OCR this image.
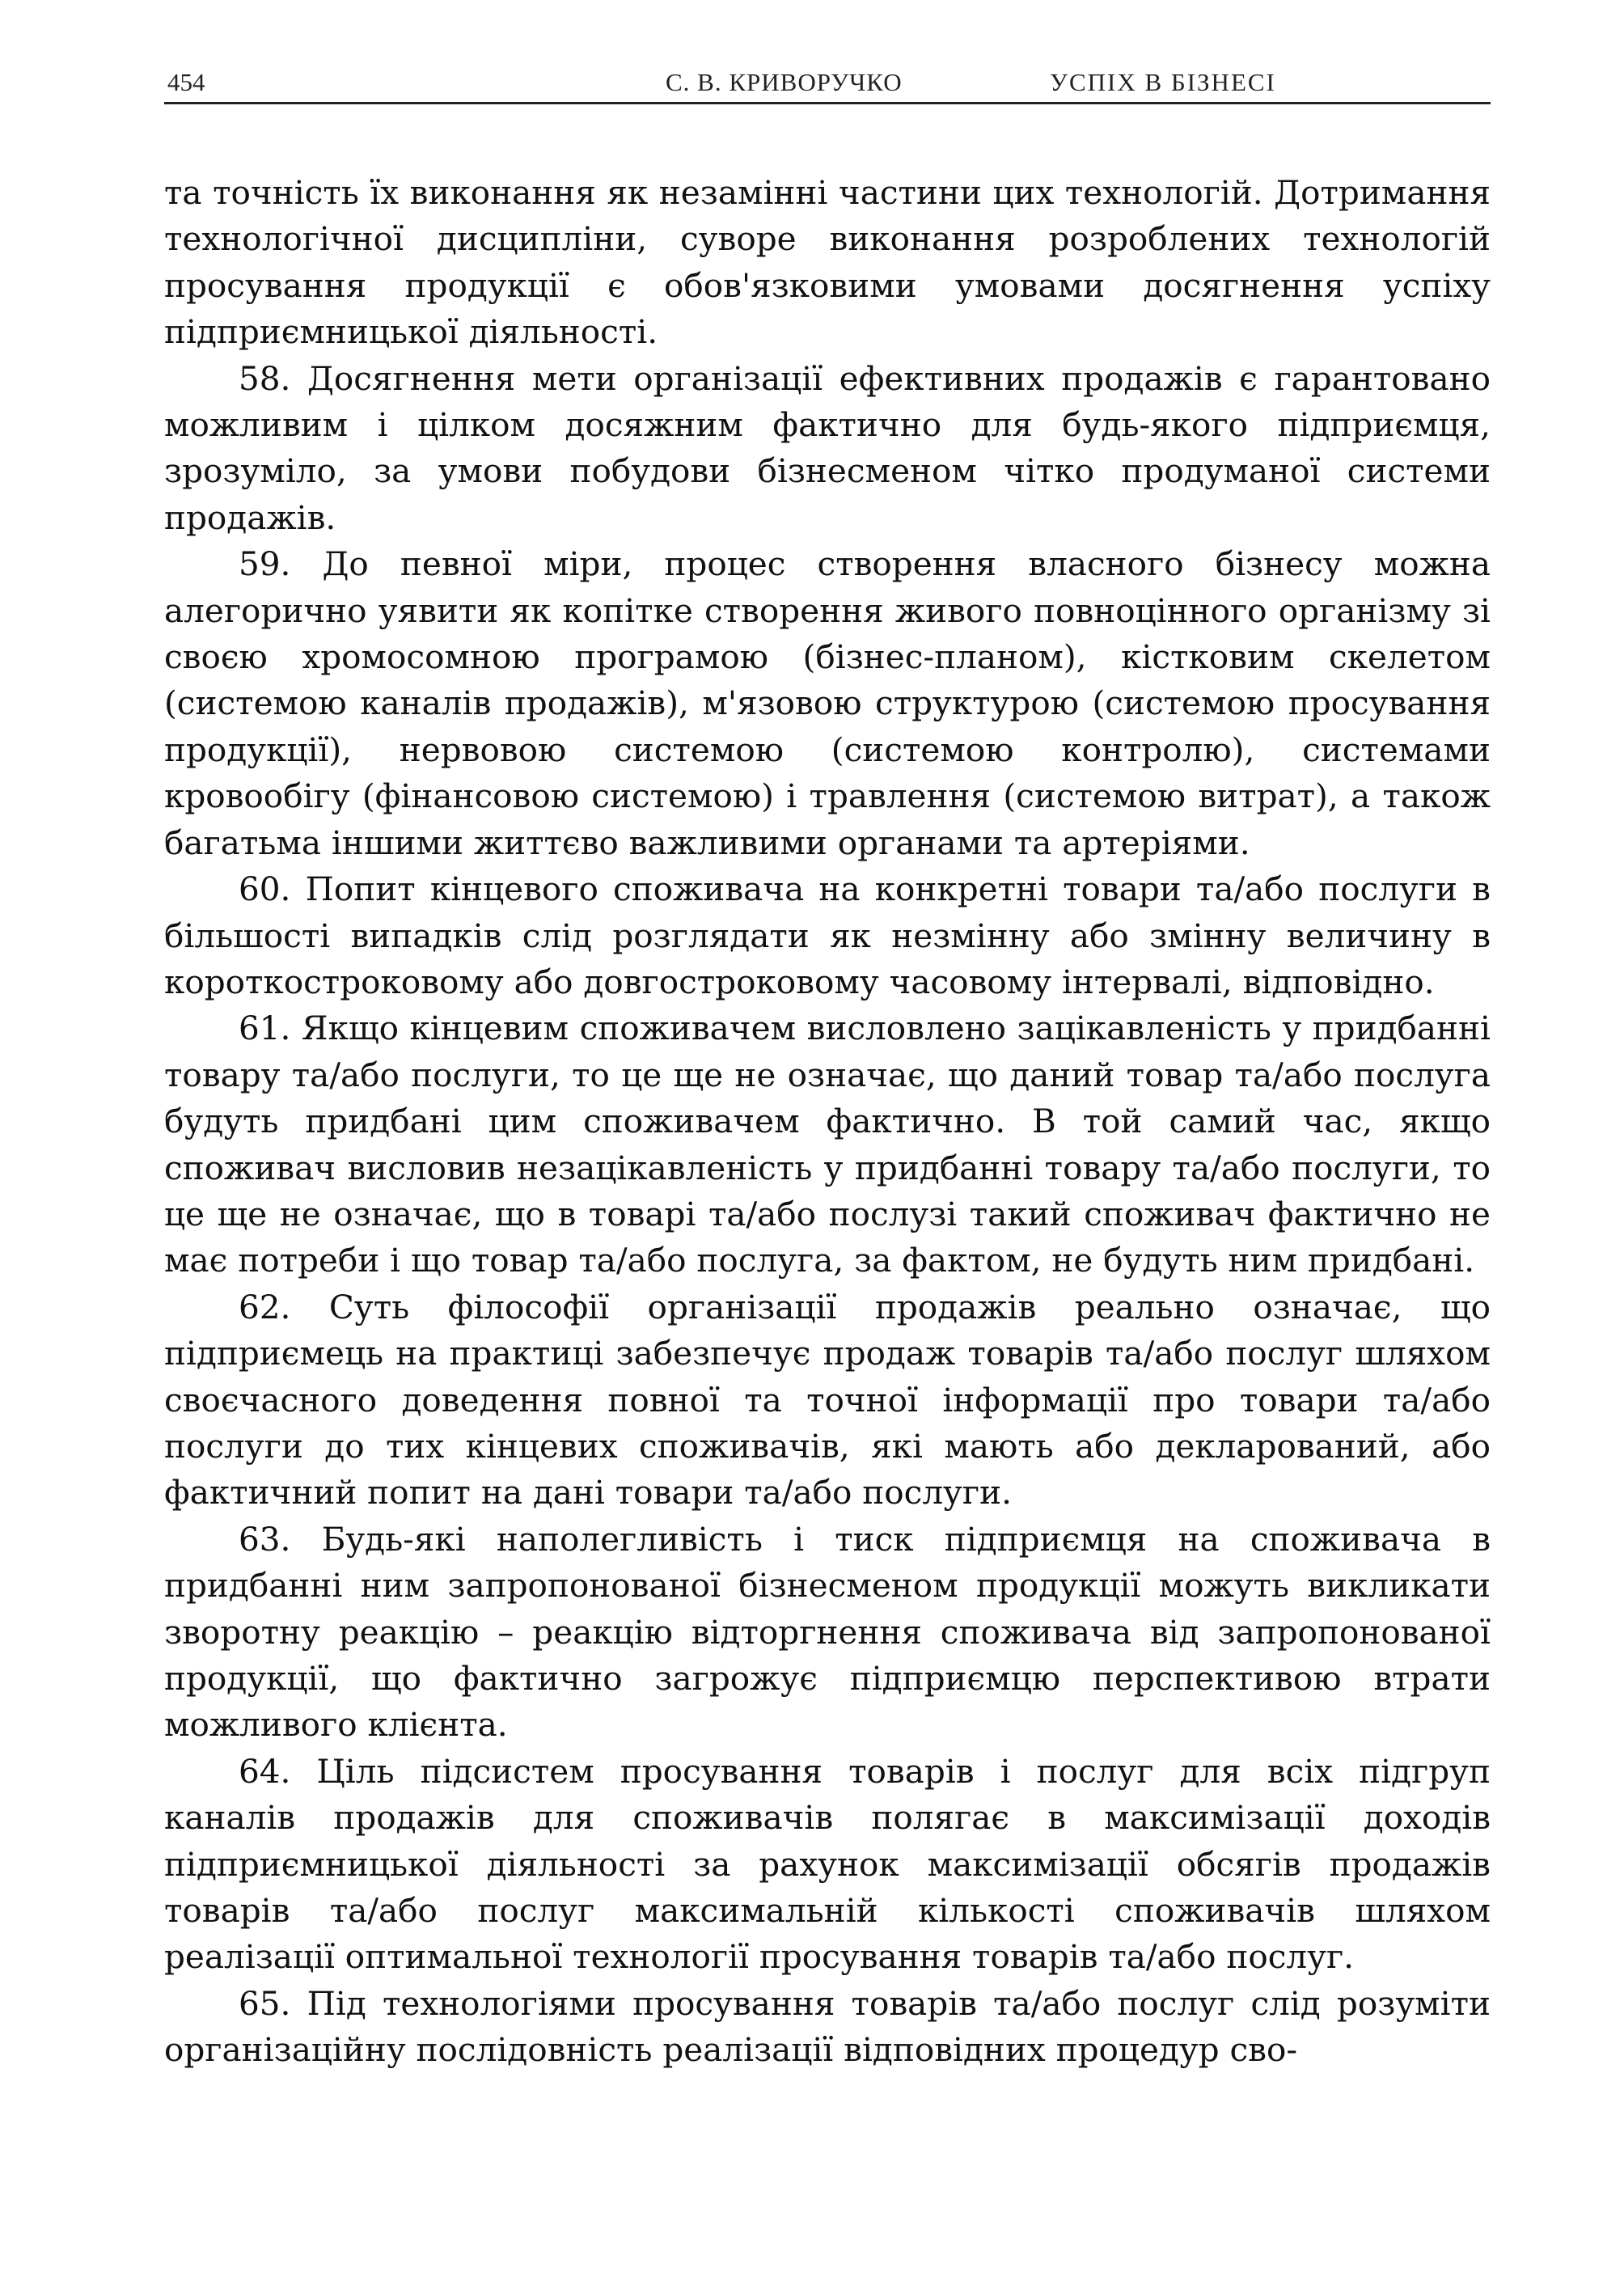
454	С. В. КРИВОРУЧКО	УСПІХ В БІЗНЕСІ

та точність їх виконання як незамінні частини цих технологій. Дотримання технологічної дисципліни, суворе виконання розроблених технологій просування продукції є обов'язковими умовами досягнення успіху підприємницької діяльності.

58. Досягнення мети організації ефективних продажів є гарантовано можливим і цілком досяжним фактично для будь-якого підприємця, зрозуміло, за умови побудови бізнесменом чітко продуманої системи продажів.

59. До певної міри, процес створення власного бізнесу можна алегорично уявити як копітке створення живого повноцінного організму зі своєю хромосомною програмою (бізнес-планом), кістковим скелетом (системою каналів продажів), м'язовою структурою (системою просування продукції), нервовою системою (системою контролю), системами кровообігу (фінансовою системою) і травлення (системою витрат), а також багатьма іншими життєво важливими органами та артеріями.

60. Попит кінцевого споживача на конкретні товари та/або послуги в більшості випадків слід розглядати як незмінну або змінну величину в короткостроковому або довгостроковому часовому інтервалі, відповідно.

61. Якщо кінцевим споживачем висловлено зацікавленість у придбанні товару та/або послуги, то це ще не означає, що даний товар та/або послуга будуть придбані цим споживачем фактично. В той самий час, якщо споживач висловив незацікавленість у придбанні товару та/або послуги, то це ще не означає, що в товарі та/або послузі такий споживач фактично не має потреби і що товар та/або послуга, за фактом, не будуть ним придбані.

62. Суть філософії організації продажів реально означає, що підприємець на практиці забезпечує продаж товарів та/або послуг шляхом своєчасного доведення повної та точної інформації про товари та/або послуги до тих кінцевих споживачів, які мають або декларований, або фактичний попит на дані товари та/або послуги.

63. Будь-які наполегливість і тиск підприємця на споживача в придбанні ним запропонованої бізнесменом продукції можуть викликати зворотну реакцію – реакцію відторгнення споживача від запропонованої продукції, що фактично загрожує підприємцю перспективою втрати можливого клієнта.

64. Ціль підсистем просування товарів і послуг для всіх підгруп каналів продажів для споживачів полягає в максимізації доходів підприємницької діяльності за рахунок максимізації обсягів продажів товарів та/або послуг максимальній кількості споживачів шляхом реалізації оптимальної технології просування товарів та/або послуг.

65. Під технологіями просування товарів та/або послуг слід розуміти організаційну послідовність реалізації відповідних процедур сво-
